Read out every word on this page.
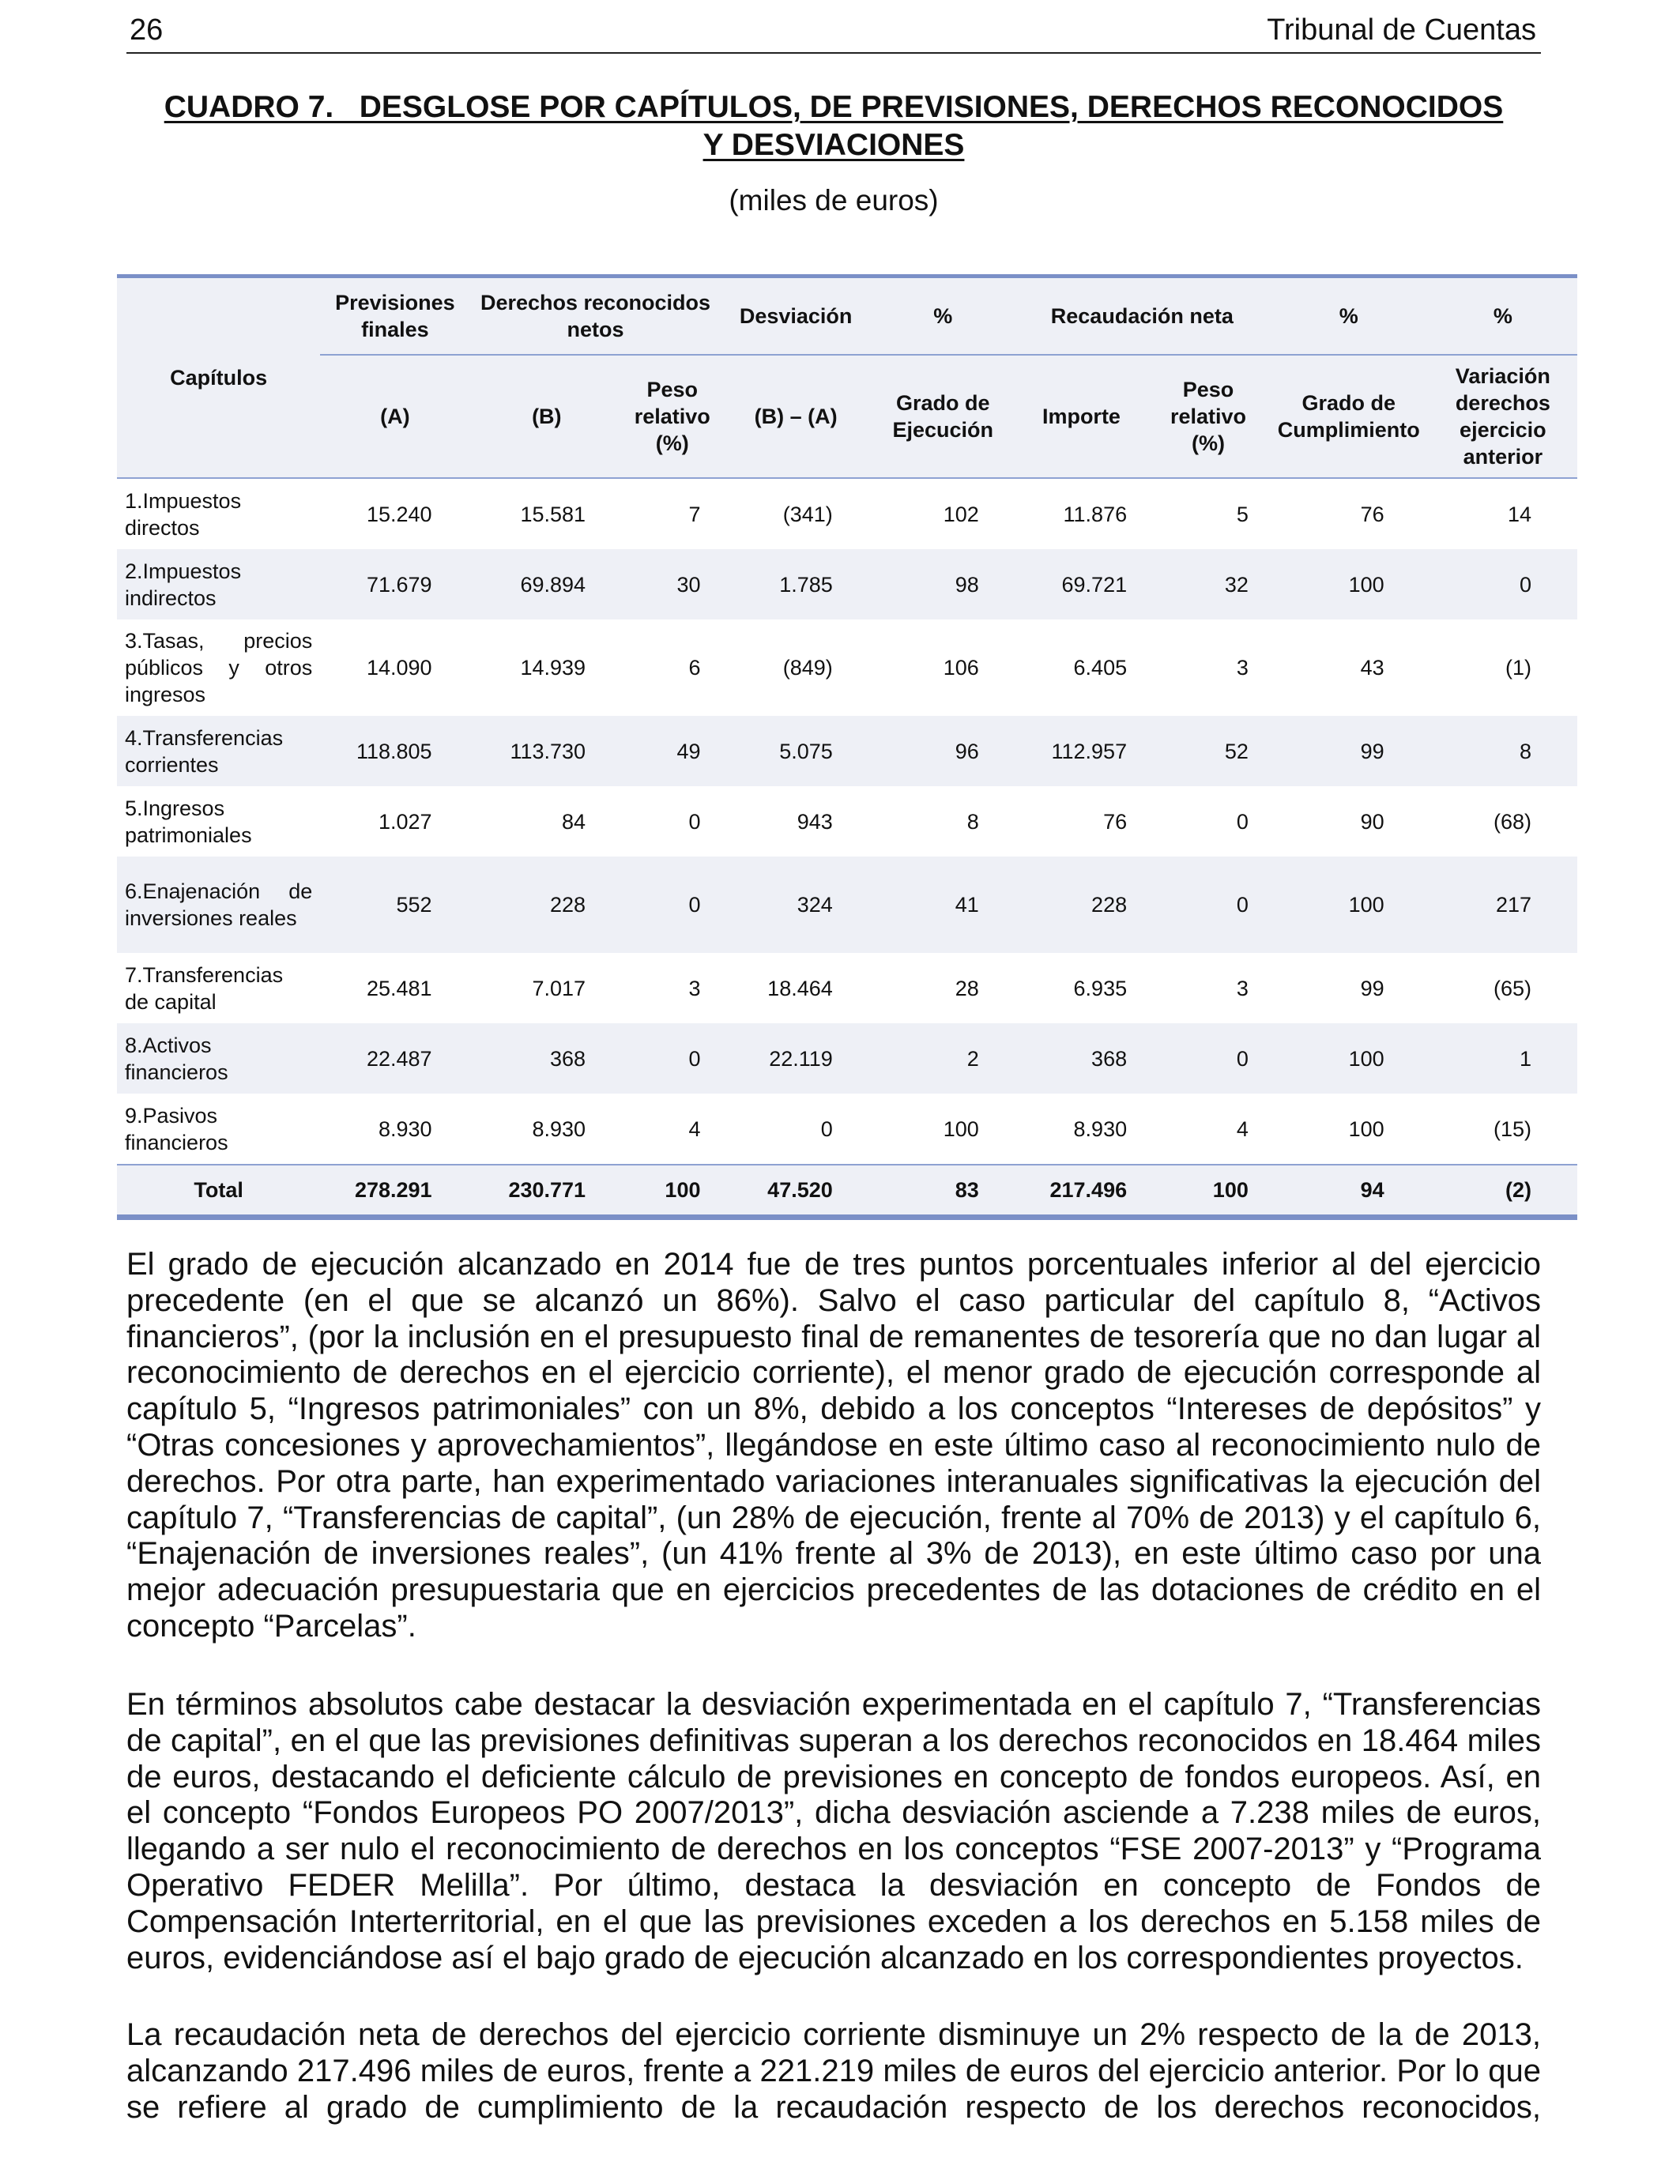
26	Tribunal de Cuentas
CUADRO 7.   DESGLOSE POR CAPÍTULOS, DE PREVISIONES, DERECHOS RECONOCIDOS
Y DESVIACIONES
(miles de euros)
Capítulos	Previsiones finales	Derechos reconocidos netos		Desviación	%	Recaudación neta		%	%
	(A)	(B)	Peso relativo (%)	(B) – (A)	Grado de Ejecución	Importe	Peso relativo (%)	Grado de Cumplimiento	Variación derechos ejercicio anterior
1.Impuestos directos	15.240	15.581	7	(341)	102	11.876	5	76	14
2.Impuestos indirectos	71.679	69.894	30	1.785	98	69.721	32	100	0
3.Tasas, precios públicos y otros ingresos	14.090	14.939	6	(849)	106	6.405	3	43	(1)
4.Transferencias corrientes	118.805	113.730	49	5.075	96	112.957	52	99	8
5.Ingresos patrimoniales	1.027	84	0	943	8	76	0	90	(68)
6.Enajenación de inversiones reales	552	228	0	324	41	228	0	100	217
7.Transferencias de capital	25.481	7.017	3	18.464	28	6.935	3	99	(65)
8.Activos financieros	22.487	368	0	22.119	2	368	0	100	1
9.Pasivos financieros	8.930	8.930	4	0	100	8.930	4	100	(15)
Total	278.291	230.771	100	47.520	83	217.496	100	94	(2)
El grado de ejecución alcanzado en 2014 fue de tres puntos porcentuales inferior al del ejercicio precedente (en el que se alcanzó un 86%). Salvo el caso particular del capítulo 8, “Activos financieros”, (por la inclusión en el presupuesto final de remanentes de tesorería que no dan lugar al reconocimiento de derechos en el ejercicio corriente), el menor grado de ejecución corresponde al capítulo 5, “Ingresos patrimoniales” con un 8%, debido a los conceptos “Intereses de depósitos” y “Otras concesiones y aprovechamientos”, llegándose en este último caso al reconocimiento nulo de derechos. Por otra parte, han experimentado variaciones interanuales significativas la ejecución del capítulo 7, “Transferencias de capital”, (un 28% de ejecución, frente al 70% de 2013) y el capítulo 6, “Enajenación de inversiones reales”, (un 41% frente al 3% de 2013), en este último caso por una mejor adecuación presupuestaria que en ejercicios precedentes de las dotaciones de crédito en el concepto “Parcelas”.
En términos absolutos cabe destacar la desviación experimentada en el capítulo 7, “Transferencias de capital”, en el que las previsiones definitivas superan a los derechos reconocidos en 18.464 miles de euros, destacando el deficiente cálculo de previsiones en concepto de fondos europeos. Así, en el concepto “Fondos Europeos PO 2007/2013”, dicha desviación asciende a 7.238 miles de euros, llegando a ser nulo el reconocimiento de derechos en los conceptos “FSE 2007-2013” y “Programa Operativo FEDER Melilla”. Por último, destaca la desviación en concepto de Fondos de Compensación Interterritorial, en el que las previsiones exceden a los derechos en 5.158 miles de euros, evidenciándose así el bajo grado de ejecución alcanzado en los correspondientes proyectos.
La recaudación neta de derechos del ejercicio corriente disminuye un 2% respecto de la de 2013, alcanzando 217.496 miles de euros, frente a 221.219 miles de euros del ejercicio anterior. Por lo que se refiere al grado de cumplimiento de la recaudación respecto de los derechos reconocidos,
